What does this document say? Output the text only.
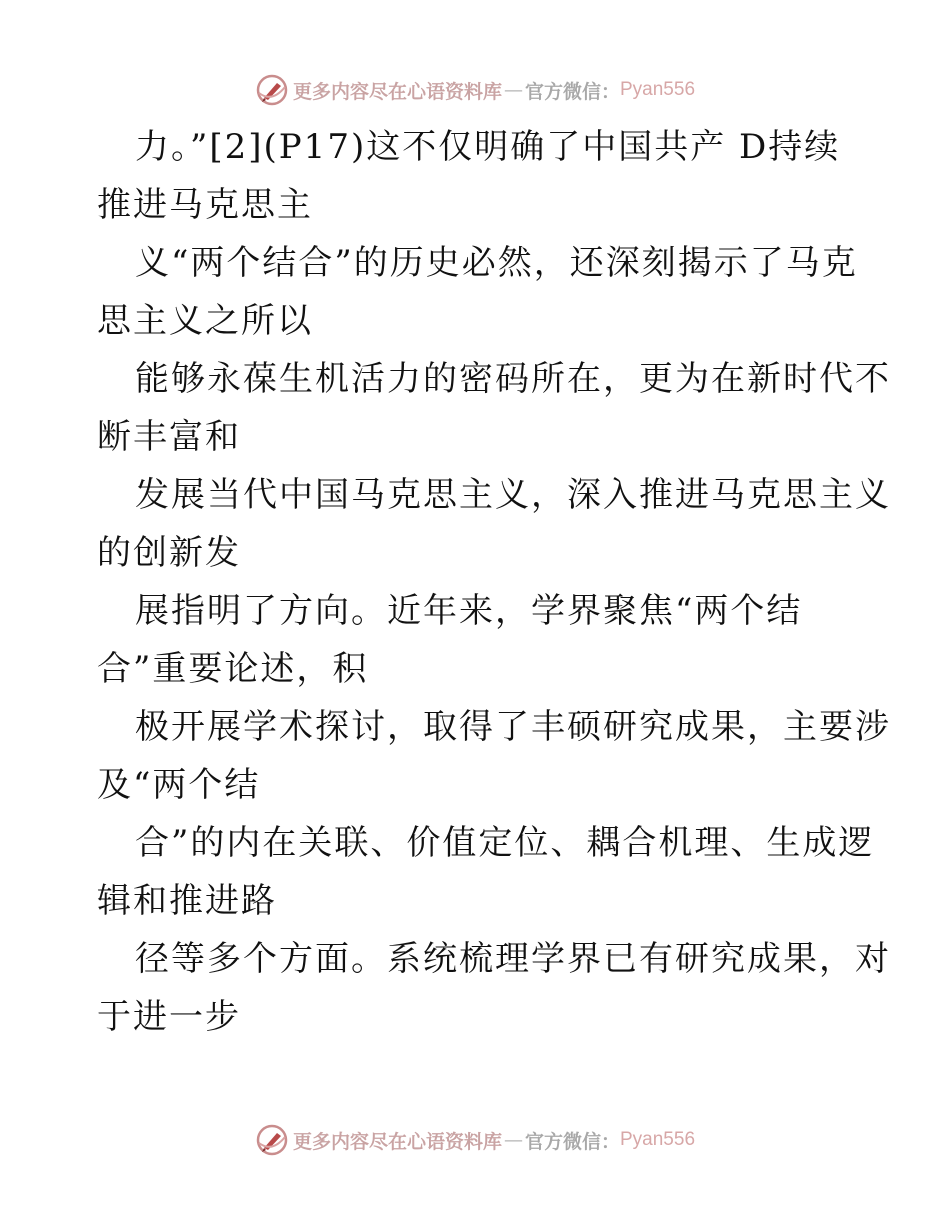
更多内容尽在心语资料库 — 官方微信： Pyan556
力。”[2](P17)这不仅明确了中国共产 D持续
推进马克思主
义“两个结合”的历史必然，还深刻揭示了马克
思主义之所以
能够永葆生机活力的密码所在，更为在新时代不
断丰富和
发展当代中国马克思主义，深入推进马克思主义
的创新发
展指明了方向。近年来，学界聚焦“两个结
合”重要论述，积
极开展学术探讨，取得了丰硕研究成果，主要涉
及“两个结
合”的内在关联、价值定位、耦合机理、生成逻
辑和推进路
径等多个方面。系统梳理学界已有研究成果，对
于进一步
更多内容尽在心语资料库 — 官方微信： Pyan556
